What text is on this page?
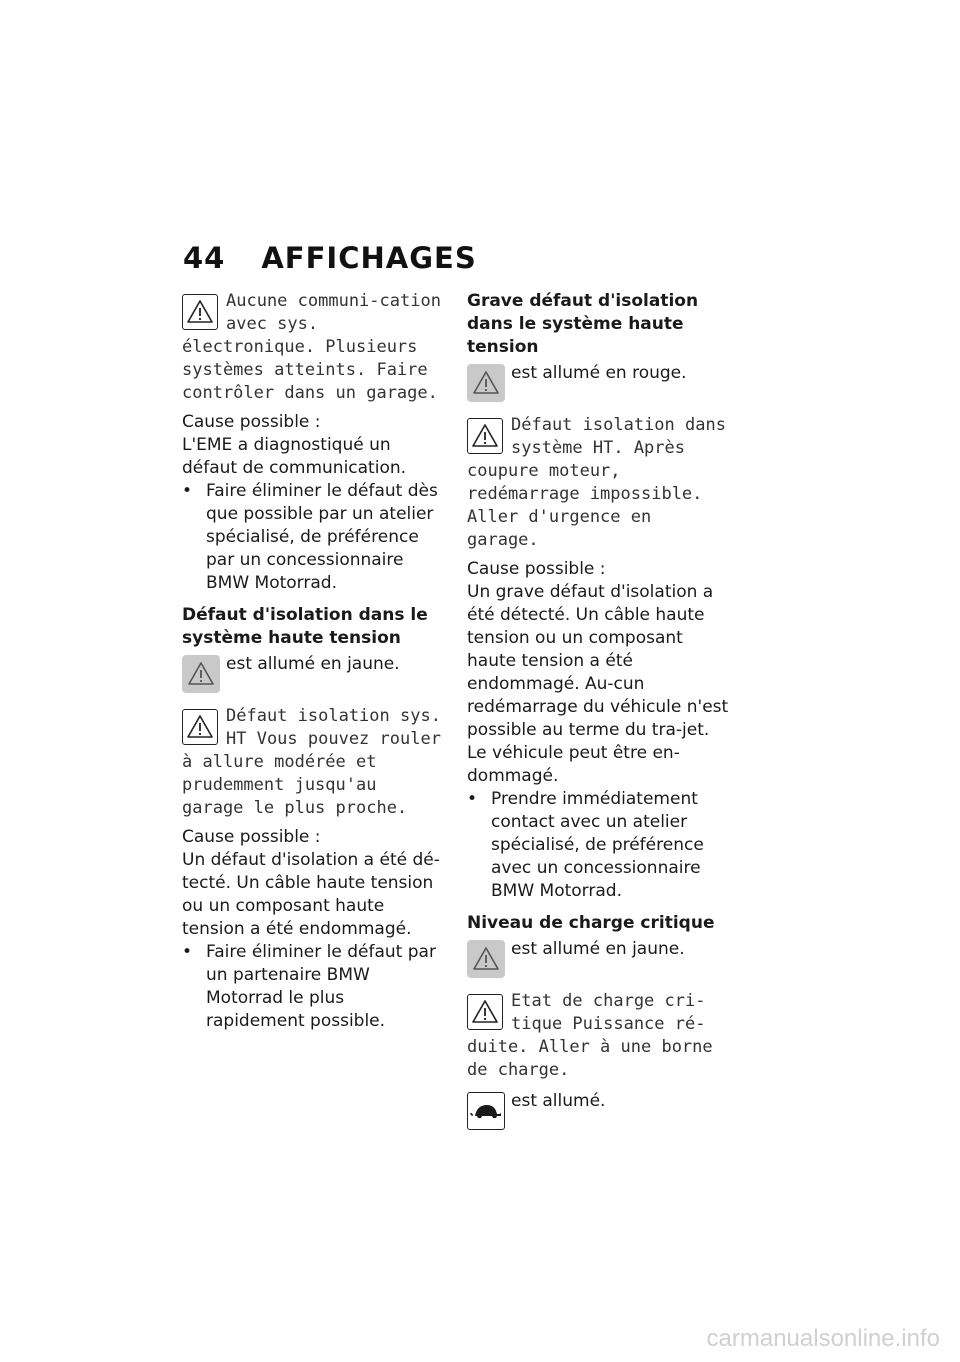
44 AFFICHAGES

Aucune communi-cation avec sys. électronique. Plusieurs systèmes atteints. Faire contrôler dans un garage.

Cause possible :

L'EME a diagnostiqué un défaut de communication.

• Faire éliminer le défaut dès que possible par un atelier spécialisé, de préférence par un concessionnaire BMW Motorrad.

Défaut d'isolation dans le système haute tension

est allumé en jaune.

Défaut isolation sys. HT Vous pouvez rouler à allure modérée et prudemment jusqu'au garage le plus proche.

Cause possible :

Un défaut d'isolation a été dé-tecté. Un câble haute tension ou un composant haute tension a été endommagé.

• Faire éliminer le défaut par un partenaire BMW Motorrad le plus rapidement possible.

Grave défaut d'isolation dans le système haute tension

est allumé en rouge.

Défaut isolation dans système HT. Après coupure moteur, redémarrage impossible. Aller d'urgence en garage.

Cause possible :

Un grave défaut d'isolation a été détecté. Un câble haute tension ou un composant haute tension a été endommagé. Au-cun redémarrage du véhicule n'est possible au terme du tra-jet. Le véhicule peut être en-dommagé.

• Prendre immédiatement contact avec un atelier spécialisé, de préférence avec un concessionnaire BMW Motorrad.

Niveau de charge critique

est allumé en jaune.

Etat de charge cri-tique Puissance ré-duite. Aller à une borne de charge.

est allumé.
carmanualsonline.info
